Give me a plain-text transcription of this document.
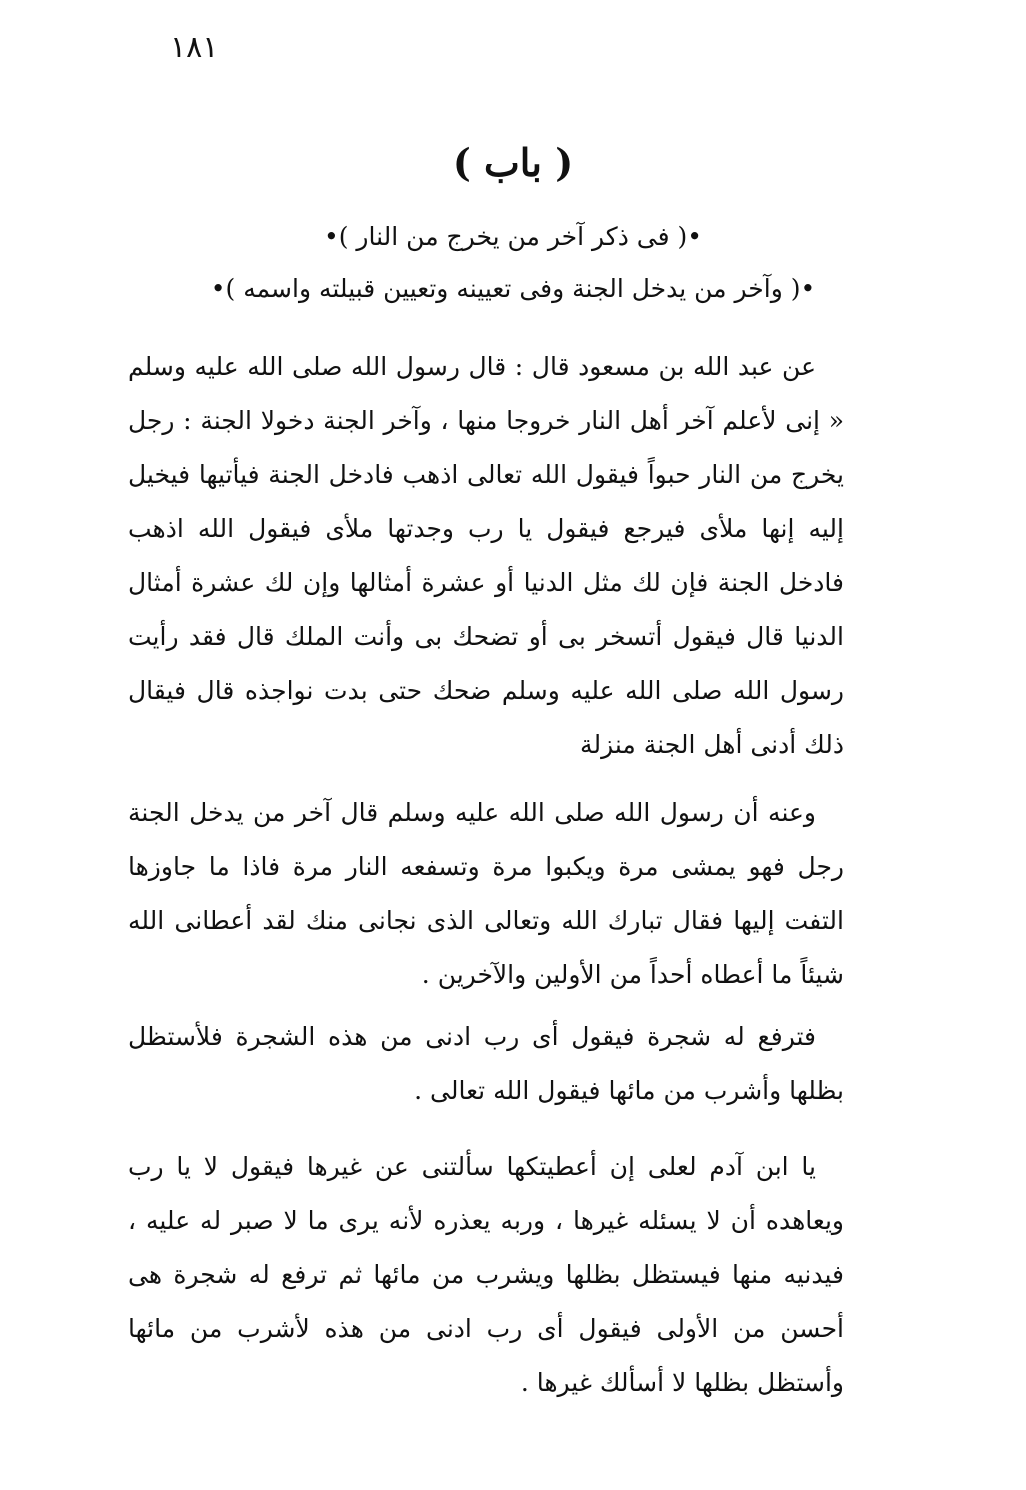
١٨١
( باب )
•( فى ذكر آخر من يخرج من النار )•
•( وآخر من يدخل الجنة وفى تعيينه وتعيين قبيلته واسمه )•

عن عبد الله بن مسعود قال : قال رسول الله صلى الله عليه وسلم « إنى لأعلم آخر أهل النار خروجا منها ، وآخر الجنة دخولا الجنة : رجل يخرج من النار حبواً فيقول الله تعالى اذهب فادخل الجنة فيأتيها فيخيل إليه إنها ملأى فيرجع فيقول يا رب وجدتها ملأى فيقول الله اذهب فادخل الجنة فإن لك مثل الدنيا أو عشرة أمثالها وإن لك عشرة أمثال الدنيا قال فيقول أتسخر بى أو تضحك بى وأنت الملك قال فقد رأيت رسول الله صلى الله عليه وسلم ضحك حتى بدت نواجذه قال فيقال ذلك أدنى أهل الجنة منزلة

وعنه أن رسول الله صلى الله عليه وسلم قال آخر من يدخل الجنة رجل فهو يمشى مرة ويكبوا مرة وتسفعه النار مرة فاذا ما جاوزها التفت إليها فقال تبارك الله وتعالى الذى نجانى منك لقد أعطانى الله شيئاً ما أعطاه أحداً من الأولين والآخرين .

فترفع له شجرة فيقول أى رب ادنى من هذه الشجرة فلأستظل بظلها وأشرب من مائها فيقول الله تعالى .

يا ابن آدم لعلى إن أعطيتكها سألتنى عن غيرها فيقول لا يا رب ويعاهده أن لا يسئله غيرها ، وربه يعذره لأنه يرى ما لا صبر له عليه ، فيدنيه منها فيستظل بظلها ويشرب من مائها ثم ترفع له شجرة هى أحسن من الأولى فيقول أى رب ادنى من هذه لأشرب من مائها وأستظل بظلها لا أسألك غيرها .
